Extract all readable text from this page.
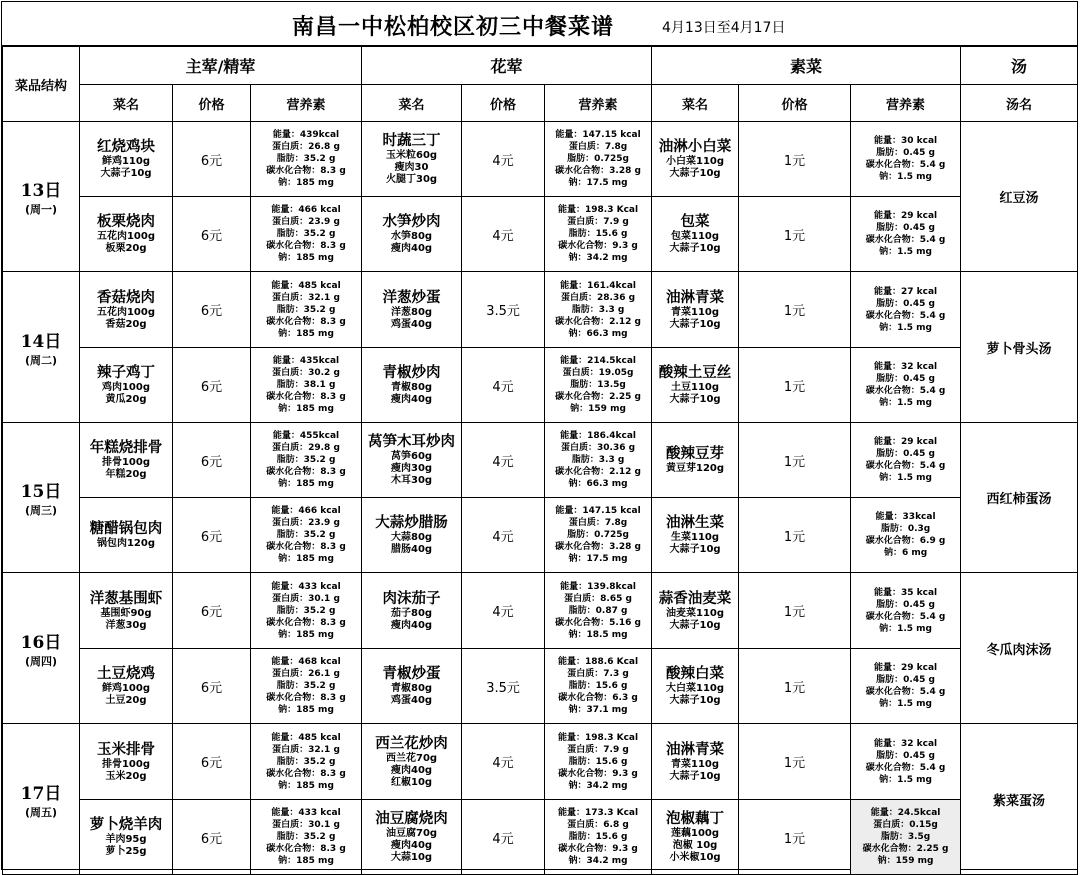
南昌一中松柏校区初三中餐菜谱	4月13日至4月17日
菜品结构	主荤/精荤			花荤			素菜			汤
	菜名	价格	营养素	菜名	价格	营养素	菜名	价格	营养素	汤名

13日
(周一)	红烧鸡块
鲜鸡110g
大蒜子10g	6元	能量：439kcal
蛋白质：26.8 g
脂肪：35.2 g
碳水化合物：8.3 g
钠：185 mg	时蔬三丁
玉米粒60g
瘦肉30
火腿丁30g	4元	能量：147.15 kcal
蛋白质：7.8g
脂肪：0.725g
碳水化合物：3.28 g
钠：17.5 mg	油淋小白菜
小白菜110g
大蒜子10g	1元	能量：30 kcal
脂肪：0.45 g
碳水化合物：5.4 g
钠：1.5 mg	红豆汤

	板栗烧肉
五花肉100g
板栗20g	6元	能量：466 kcal
蛋白质：23.9 g
脂肪：35.2 g
碳水化合物：8.3 g
钠：185 mg	水笋炒肉
水笋80g
瘦肉40g	4元	能量：198.3 Kcal
蛋白质：7.9 g
脂肪：15.6 g
碳水化合物：9.3 g
钠：34.2 mg	包菜
包菜110g
大蒜子10g	1元	能量：29 kcal
脂肪：0.45 g
碳水化合物：5.4 g
钠：1.5 mg	

14日
(周二)	香菇烧肉
五花肉100g
香菇20g	6元	能量：485 kcal
蛋白质：32.1 g
脂肪：35.2 g
碳水化合物：8.3 g
钠：185 mg	洋葱炒蛋
洋葱80g
鸡蛋40g	3.5元	能量：161.4kcal
蛋白质：28.36 g
脂肪：3.3 g
碳水化合物：2.12 g
钠：66.3 mg	油淋青菜
青菜110g
大蒜子10g	1元	能量：27 kcal
脂肪：0.45 g
碳水化合物：5.4 g
钠：1.5 mg	萝卜骨头汤

	辣子鸡丁
鸡肉100g
黄瓜20g	6元	能量：435kcal
蛋白质：30.2 g
脂肪：38.1 g
碳水化合物：8.3 g
钠：185 mg	青椒炒肉
青椒80g
瘦肉40g	4元	能量：214.5kcal
蛋白质：19.05g
脂肪：13.5g
碳水化合物：2.25 g
钠：159 mg	酸辣土豆丝
土豆110g
大蒜子10g	1元	能量：32 kcal
脂肪：0.45 g
碳水化合物：5.4 g
钠：1.5 mg	

15日
(周三)	年糕烧排骨
排骨100g
年糕20g	6元	能量：455kcal
蛋白质：29.8 g
脂肪：35.2 g
碳水化合物：8.3 g
钠：185 mg	莴笋木耳炒肉
莴笋60g
瘦肉30g
木耳30g	4元	能量：186.4kcal
蛋白质：30.36 g
脂肪：3.3 g
碳水化合物：2.12 g
钠：66.3 mg	酸辣豆芽
黄豆芽120g	1元	能量：29 kcal
脂肪：0.45 g
碳水化合物：5.4 g
钠：1.5 mg	西红柿蛋汤

	糖醋锅包肉
锅包肉120g	6元	能量：466 kcal
蛋白质：23.9 g
脂肪：35.2 g
碳水化合物：8.3 g
钠：185 mg	大蒜炒腊肠
大蒜80g
腊肠40g	4元	能量：147.15 kcal
蛋白质：7.8g
脂肪：0.725g
碳水化合物：3.28 g
钠：17.5 mg	油淋生菜
生菜110g
大蒜子10g	1元	能量：33kcal
脂肪：0.3g
碳水化合物：6.9 g
钠：6 mg	

16日
(周四)	洋葱基围虾
基围虾90g
洋葱30g	6元	能量：433 kcal
蛋白质：30.1 g
脂肪：35.2 g
碳水化合物：8.3 g
钠：185 mg	肉沫茄子
茄子80g
瘦肉40g	4元	能量：139.8kcal
蛋白质：8.65 g
脂肪：0.87 g
碳水化合物：5.16 g
钠：18.5 mg	蒜香油麦菜
油麦菜110g
大蒜子10g	1元	能量：35 kcal
脂肪：0.45 g
碳水化合物：5.4 g
钠：1.5 mg	冬瓜肉沫汤

	土豆烧鸡
鲜鸡100g
土豆20g	6元	能量：468 kcal
蛋白质：26.1 g
脂肪：35.2 g
碳水化合物：8.3 g
钠：185 mg	青椒炒蛋
青椒80g
鸡蛋40g	3.5元	能量：188.6 Kcal
蛋白质：7.3 g
脂肪：15.6 g
碳水化合物：6.3 g
钠：37.1 mg	酸辣白菜
大白菜110g
大蒜子10g	1元	能量：29 kcal
脂肪：0.45 g
碳水化合物：5.4 g
钠：1.5 mg	

17日
(周五)	玉米排骨
排骨100g
玉米20g	6元	能量：485 kcal
蛋白质：32.1 g
脂肪：35.2 g
碳水化合物：8.3 g
钠：185 mg	西兰花炒肉
西兰花70g
瘦肉40g
红椒10g	4元	能量：198.3 Kcal
蛋白质：7.9 g
脂肪：15.6 g
碳水化合物：9.3 g
钠：34.2 mg	油淋青菜
青菜110g
大蒜子10g	1元	能量：32 kcal
脂肪：0.45 g
碳水化合物：5.4 g
钠：1.5 mg	紫菜蛋汤

	萝卜烧羊肉
羊肉95g
萝卜25g	6元	能量：433 kcal
蛋白质：30.1 g
脂肪：35.2 g
碳水化合物：8.3 g
钠：185 mg	油豆腐烧肉
油豆腐70g
瘦肉40g
大蒜10g	4元	能量：173.3 Kcal
蛋白质：6.8 g
脂肪：15.6 g
碳水化合物：9.3 g
钠：34.2 mg	泡椒藕丁
莲藕100g
泡椒 10g
小米椒10g	1元	能量：24.5kcal
蛋白质：0.15g
脂肪：3.5g
碳水化合物：2.25 g
钠：159 mg	
